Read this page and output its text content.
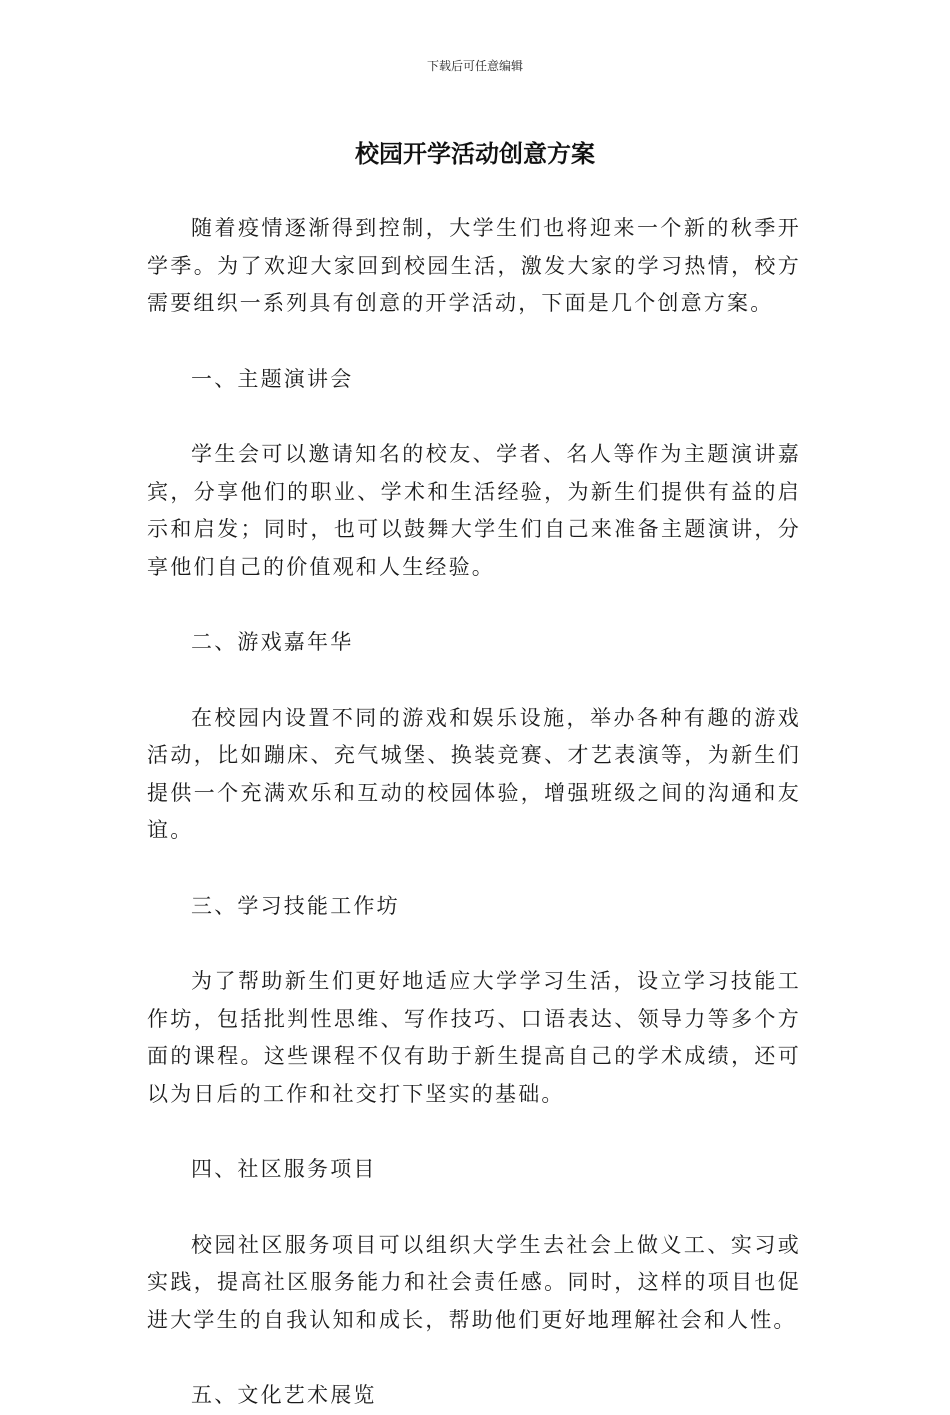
下载后可任意编辑
校园开学活动创意方案

随着疫情逐渐得到控制，大学生们也将迎来一个新的秋季开学季。为了欢迎大家回到校园生活，激发大家的学习热情，校方需要组织一系列具有创意的开学活动，下面是几个创意方案。

一、主题演讲会

学生会可以邀请知名的校友、学者、名人等作为主题演讲嘉宾，分享他们的职业、学术和生活经验，为新生们提供有益的启示和启发；同时，也可以鼓舞大学生们自己来准备主题演讲，分享他们自己的价值观和人生经验。

二、游戏嘉年华

在校园内设置不同的游戏和娱乐设施，举办各种有趣的游戏活动，比如蹦床、充气城堡、换装竞赛、才艺表演等，为新生们提供一个充满欢乐和互动的校园体验，增强班级之间的沟通和友谊。

三、学习技能工作坊

为了帮助新生们更好地适应大学学习生活，设立学习技能工作坊，包括批判性思维、写作技巧、口语表达、领导力等多个方面的课程。这些课程不仅有助于新生提高自己的学术成绩，还可以为日后的工作和社交打下坚实的基础。

四、社区服务项目

校园社区服务项目可以组织大学生去社会上做义工、实习或实践，提高社区服务能力和社会责任感。同时，这样的项目也促进大学生的自我认知和成长，帮助他们更好地理解社会和人性。

五、文化艺术展览
